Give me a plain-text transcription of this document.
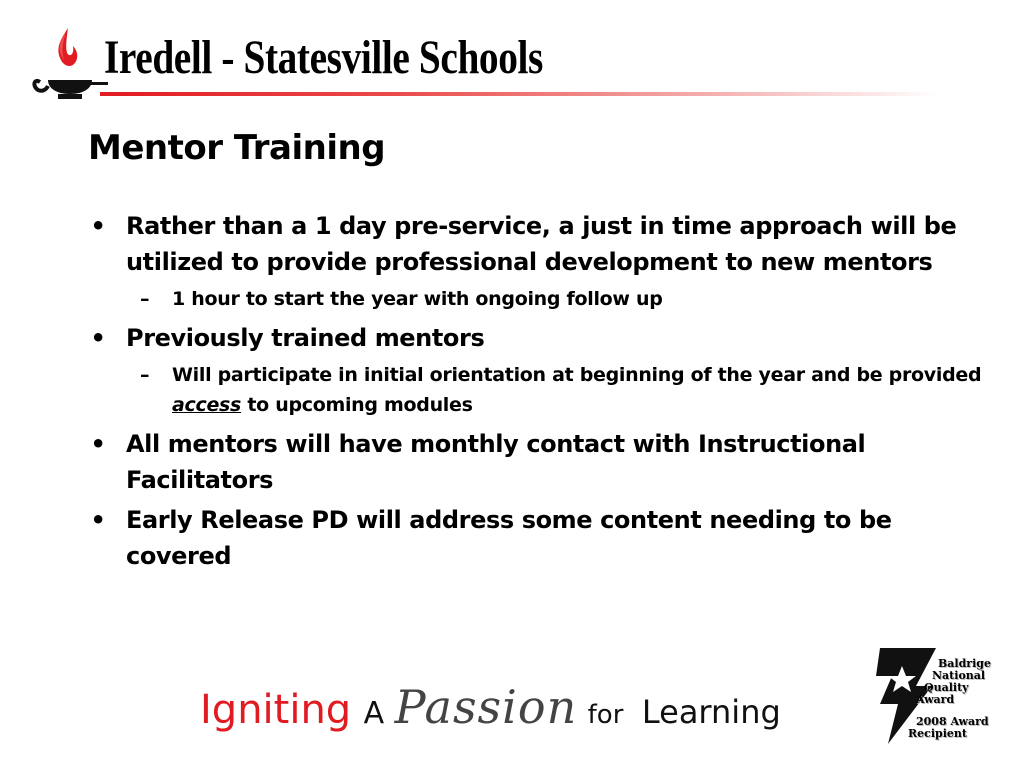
Iredell - Statesville Schools
Mentor Training
• Rather than a 1 day pre-service, a just in time approach will be utilized to provide professional development to new mentors
– 1 hour to start the year with ongoing follow up
• Previously trained mentors
– Will participate in initial orientation at beginning of the year and be provided access to upcoming modules
• All mentors will have monthly contact with Instructional Facilitators
• Early Release PD will address some content needing to be covered
Igniting A Passion for Learning
Baldrige
National
Quality
Award
2008 Award
Recipient
